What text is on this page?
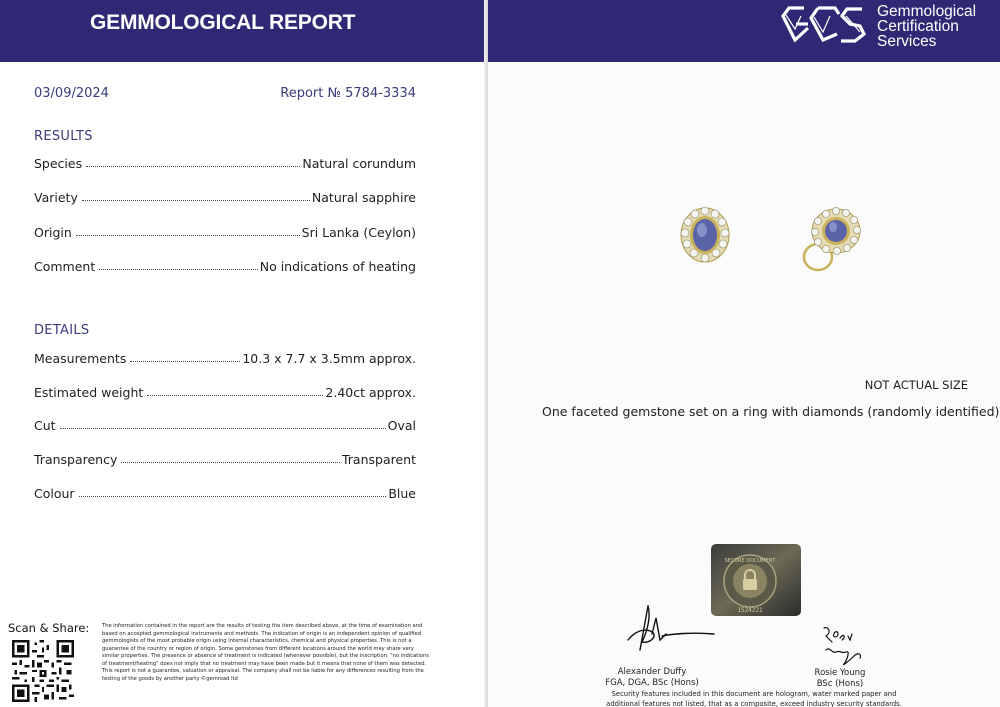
GEMMOLOGICAL REPORT
03/09/2024	Report № 5784-3334
RESULTS
Species	Natural corundum
Variety	Natural sapphire
Origin	Sri Lanka (Ceylon)
Comment	No indications of heating
DETAILS
Measurements	10.3 x 7.7 x 3.5mm approx.
Estimated weight	2.40ct approx.
Cut	Oval
Transparency	Transparent
Colour	Blue
Scan & Share: The information contained in the report are the results of testing the item described above, at the time of examination and based on accepted gemmological instruments and methods. The indication of origin is an independent opinion of qualified gemmologists of the most probable origin using internal characteristics, chemical and physical properties. This is not a guarantee of the country or region of origin. Some gemstones from different locations around the world may share very similar properties. The presence or absence of treatment is indicated (whenever possible), but the inscription: "no indications of treatment/heating" does not imply that no treatment may have been made but it means that none of them was detected. This report is not a guarantee, valuation or appraisal. The company shall not be liable for any differences resulting from the testing of the goods by another party ©gemroad ltd
Gemmological
Certification
Services
NOT ACTUAL SIZE
One faceted gemstone set on a ring with diamonds (randomly identified)
SECURE DOCUMENT
1524221
Alexander Duffy
FGA, DGA, BSc (Hons)
Rosie Young
BSc (Hons)
Security features included in this document are hologram, water marked paper and additional features not listed, that as a composite, exceed industry security standards.
